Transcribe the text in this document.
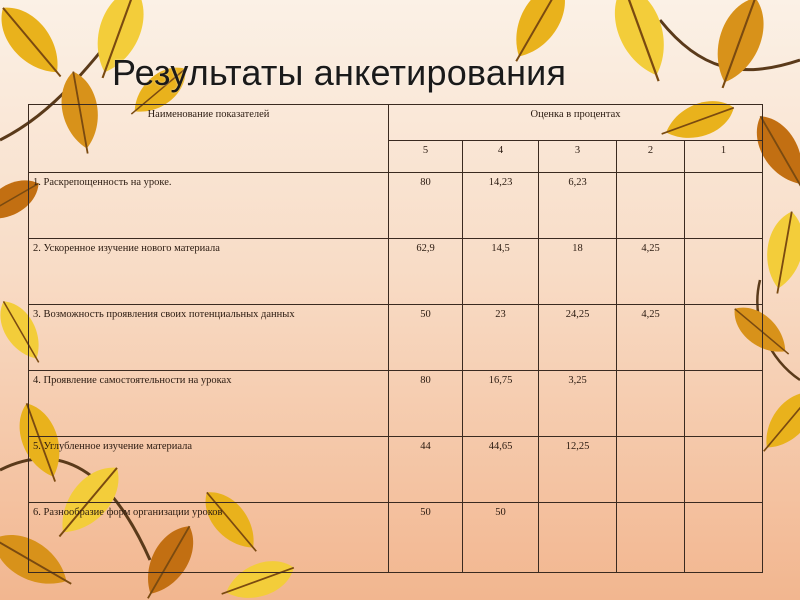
Результаты анкетирования
Наименование показателей	Оценка в процентах				
	5	4	3	2	1
1. Раскрепощенность на уроке.	80	14,23	6,23		
2. Ускоренное изучение нового материала	62,9	14,5	18	4,25	
3. Возможность проявления своих потенциальных данных	50	23	24,25	4,25	
4. Проявление самостоятельности на уроках	80	16,75	3,25		
5. Углубленное изучение материала	44	44,65	12,25		
6. Разнообразие форм организации уроков	50	50			
